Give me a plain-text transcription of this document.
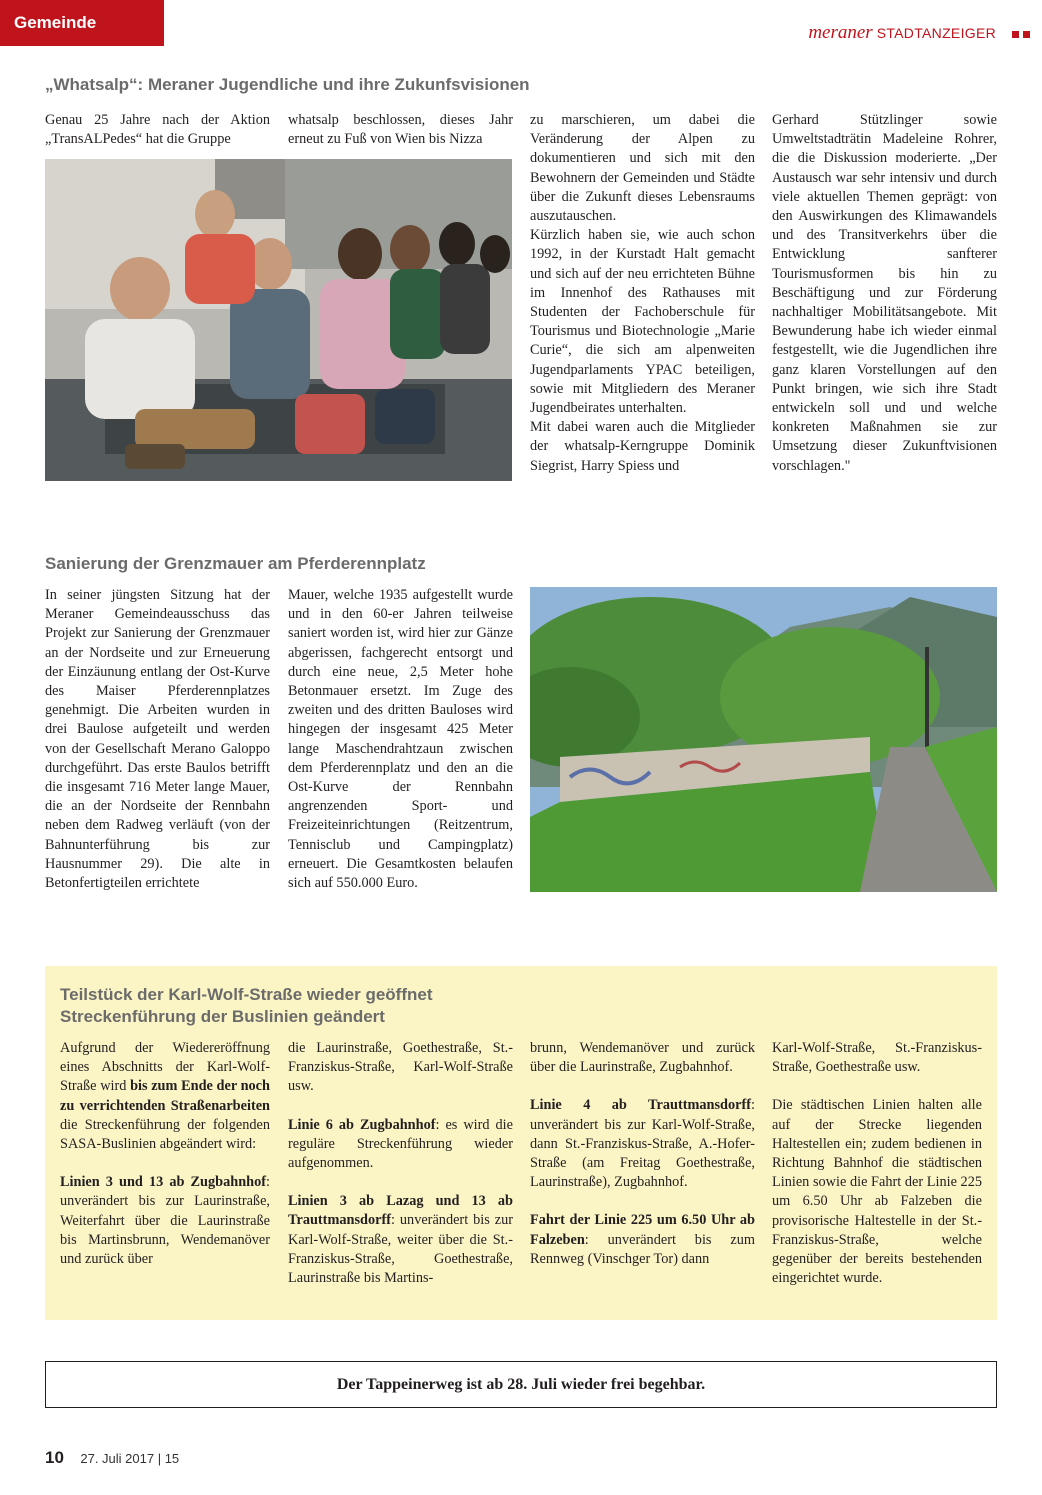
Gemeinde	meraner STADTANZEIGER
„Whatsalp“: Meraner Jugendliche und ihre Zukunfsvisionen
Genau 25 Jahre nach der Aktion „TransALPedes“ hat die Gruppe
whatsalp beschlossen, dieses Jahr erneut zu Fuß von Wien bis Nizza

zu marschieren, um dabei die Veränderung der Alpen zu dokumentieren und sich mit den Bewohnern der Gemeinden und Städte über die Zukunft dieses Lebensraums auszutauschen.

Kürzlich haben sie, wie auch schon 1992, in der Kurstadt Halt gemacht und sich auf der neu errichteten Bühne im Innenhof des Rathauses mit Studenten der Fachoberschule für Tourismus und Biotechnologie „Marie Curie“, die sich am alpenweiten Jugendparlaments YPAC beteiligen, sowie mit Mitgliedern des Meraner Jugendbeirates unterhalten.

Mit dabei waren auch die Mitglieder der whatsalp-Kerngruppe Dominik Siegrist, Harry Spiess und

Gerhard Stützlinger sowie Umweltstadträtin Madeleine Rohrer, die die Diskussion moderierte. „Der Austausch war sehr intensiv und durch viele aktuellen Themen geprägt: von den Auswirkungen des Klimawandels und des Transitverkehrs über die Entwicklung sanfterer Tourismusformen bis hin zu Beschäftigung und zur Förderung nachhaltiger Mobilitätsangebote. Mit Bewunderung habe ich wieder einmal festgestellt, wie die Jugendlichen ihre ganz klaren Vorstellungen auf den Punkt bringen, wie sich ihre Stadt entwickeln soll und und welche konkreten Maßnahmen sie zur Umsetzung dieser Zukunftvisionen vorschlagen."
Sanierung der Grenzmauer am Pferderennplatz
In seiner jüngsten Sitzung hat der Meraner Gemeindeausschuss das Projekt zur Sanierung der Grenzmauer an der Nordseite und zur Erneuerung der Einzäunung entlang der Ost-Kurve des Maiser Pferderennplatzes genehmigt. Die Arbeiten wurden in drei Baulose aufgeteilt und werden von der Gesellschaft Merano Galoppo durchgeführt. Das erste Baulos betrifft die insgesamt 716 Meter lange Mauer, die an der Nordseite der Rennbahn neben dem Radweg verläuft (von der Bahnunterführung bis zur Hausnummer 29). Die alte in Betonfertigteilen errichtete
Mauer, welche 1935 aufgestellt wurde und in den 60-er Jahren teilweise saniert worden ist, wird hier zur Gänze abgerissen, fachgerecht entsorgt und durch eine neue, 2,5 Meter hohe Betonmauer ersetzt. Im Zuge des zweiten und des dritten Bauloses wird hingegen der insgesamt 425 Meter lange Maschendrahtzaun zwischen dem Pferderennplatz und den an die Ost-Kurve der Rennbahn angrenzenden Sport- und Freizeiteinrichtungen (Reitzentrum, Tennisclub und Campingplatz) erneuert. Die Gesamtkosten belaufen sich auf 550.000 Euro.
Teilstück der Karl-Wolf-Straße wieder geöffnet
Streckenführung der Buslinien geändert

Aufgrund der Wiedereröffnung eines Abschnitts der Karl-Wolf-Straße wird bis zum Ende der noch zu verrichtenden Straßenarbeiten die Streckenführung der folgenden SASA-Buslinien abgeändert wird:

Linien 3 und 13 ab Zugbahnhof: unverändert bis zur Laurinstraße, Weiterfahrt über die Laurinstraße bis Martinsbrunn, Wendemanöver und zurück über

die Laurinstraße, Goethestraße, St.-Franziskus-Straße, Karl-Wolf-Straße usw.

Linie 6 ab Zugbahnhof: es wird die reguläre Streckenführung wieder aufgenommen.

Linien 3 ab Lazag und 13 ab Trauttmansdorff: unverändert bis zur Karl-Wolf-Straße, weiter über die St.-Franziskus-Straße, Goethestraße, Laurinstraße bis Martins-

brunn, Wendemanöver und zurück über die Laurinstraße, Zugbahnhof.

Linie 4 ab Trauttmansdorff: unverändert bis zur Karl-Wolf-Straße, dann St.-Franziskus-Straße, A.-Hofer-Straße (am Freitag Goethestraße, Laurinstraße), Zugbahnhof.

Fahrt der Linie 225 um 6.50 Uhr ab Falzeben: unverändert bis zum Rennweg (Vinschger Tor) dann

Karl-Wolf-Straße, St.-Franziskus-Straße, Goethestraße usw.

Die städtischen Linien halten alle auf der Strecke liegenden Haltestellen ein; zudem bedienen in Richtung Bahnhof die städtischen Linien sowie die Fahrt der Linie 225 um 6.50 Uhr ab Falzeben die provisorische Haltestelle in der St.-Franziskus-Straße, welche gegenüber der bereits bestehenden eingerichtet wurde.

Der Tappeinerweg ist ab 28. Juli wieder frei begehbar.
10 27. Juli 2017 | 15
